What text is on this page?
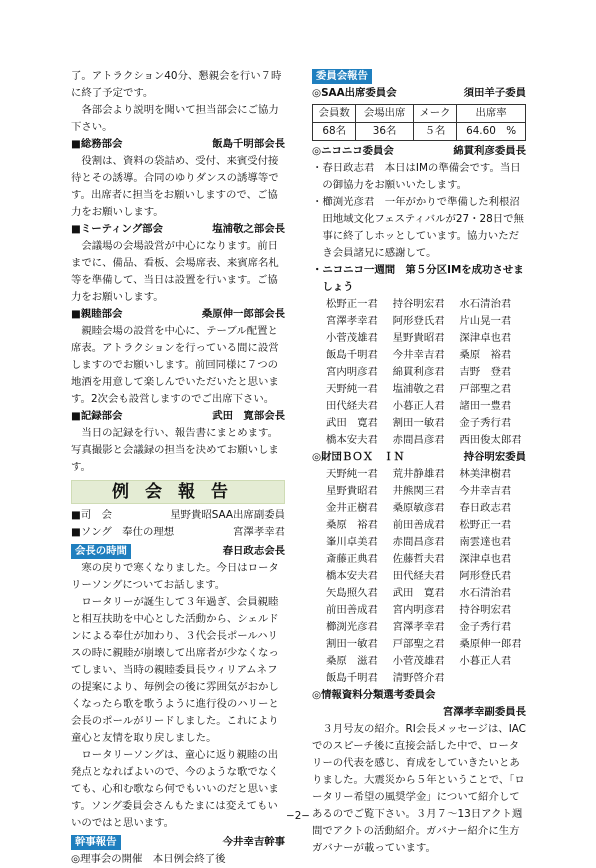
了。アトラクション40分、懇親会を行い７時に終了予定です。

各部会より説明を聞いて担当部会にご協力下さい。

■総務部会	飯島千明部会長

役割は、資料の袋詰め、受付、来賓受付接待とその誘導。合同のゆりダンスの誘導等です。出席者に担当をお願いしますので、ご協力をお願いします。

■ミーティング部会	塩浦敬之部会長

会議場の会場設営が中心になります。前日までに、備品、看板、会場席表、来賓席名札等を準備して、当日は設置を行います。ご協力をお願いします。

■親睦部会	桑原伸一郎部会長

親睦会場の設営を中心に、テーブル配置と席表。アトラクションを行っている間に設営しますのでお願いします。前回同様に７つの地酒を用意して楽しんでいただいたと思います。2次会も設営しますのでご出席下さい。

■記録部会	武田　寛部会長

当日の記録を行い、報告書にまとめます。写真撮影と会議録の担当を決めてお願いします。

例会報告
■司　会	星野貴昭SAA出席副委員
■ソング　奉仕の理想	宮澤孝幸君
会長の時間	春日政志会長

寒の戻りで寒くなりました。今日はロータリーソングについてお話します。

ロータリーが誕生して３年過ぎ、会員親睦と相互扶助を中心とした活動から、シェルドンによる奉仕が加わり、３代会長ポールハリスの時に親睦が崩壊して出席者が少なくなってしまい、当時の親睦委員長ウィリアムネフの提案により、毎例会の後に雰囲気がおかしくなったら歌を歌うように進行役のハリーと会長のポールがリードしました。これにより童心と友情を取り戻しました。

ロータリーソングは、童心に返り親睦の出発点となればよいので、今のような歌でなくても、心和む歌なら何でもいいのだと思います。ソング委員会さんもたまには変えてもいいのではと思います。

幹事報告	今井幸吉幹事

◎理事会の開催　本日例会終了後

委員会報告
◎SAA出席委員会	須田羊子委員
会員数	会場出席	メーク	出席率
68名	36名	５名	64.60　%
◎ニコニコ委員会	綿貫利彦委員長

・春日政志君　本日はIMの準備会です。当日の御協力をお願いいたします。

・櫛渕光彦君　一年がかりで準備した利根沼田地域文化フェスティバルが27・28日で無事に終了しホッとしています。協力いただき会員諸兄に感謝して。

・ニコニコ一週間　第５分区IMを成功させましょう

松野正一君	持谷明宏君	水石清治君
宮澤孝幸君	阿形登氏君	片山晃一君
小菅茂雄君	星野貴昭君	深津卓也君
飯島千明君	今井幸吉君	桑原　裕君
宮内明彦君	綿貫利彦君	吉野　登君
天野純一君	塩浦敬之君	戸部聖之君
田代経夫君	小暮正人君	諸田一豊君
武田　寛君	割田一敏君	金子秀行君
橋本安夫君	赤間昌彦君	西田俊太郎君
◎財団ＢＯＸ　ＩＮ	持谷明宏委員
天野純一君	荒井静雄君	林美津樹君
星野貴昭君	井熊関三君	今井幸吉君
金井正樹君	桑原敏彦君	春日政志君
桑原　裕君	前田善成君	松野正一君
峯川卓美君	赤間昌彦君	南雲達也君
斎藤正典君	佐藤哲夫君	深津卓也君
橋本安夫君	田代経夫君	阿形登氏君
矢島照久君	武田　寛君	水石清治君
前田善成君	宮内明彦君	持谷明宏君
櫛渕光彦君	宮澤孝幸君	金子秀行君
割田一敏君	戸部聖之君	桑原伸一郎君
桑原　滋君	小菅茂雄君	小暮正人君
飯島千明君	清野啓介君
◎情報資料分類選考委員会
宮澤孝幸副委員長

３月号友の紹介。RI会長メッセージは、IACでのスピーチ後に直接会話した中で、ロータリーの代表を感じ、育成をしていきたいとありました。大震災から５年ということで、「ロータリー希望の風奨学金」について紹介してあるのでご覧下さい。３月７～13日アクト週間でアクトの活動紹介。ガバナー紹介に生方ガバナーが載っています。

−2−
